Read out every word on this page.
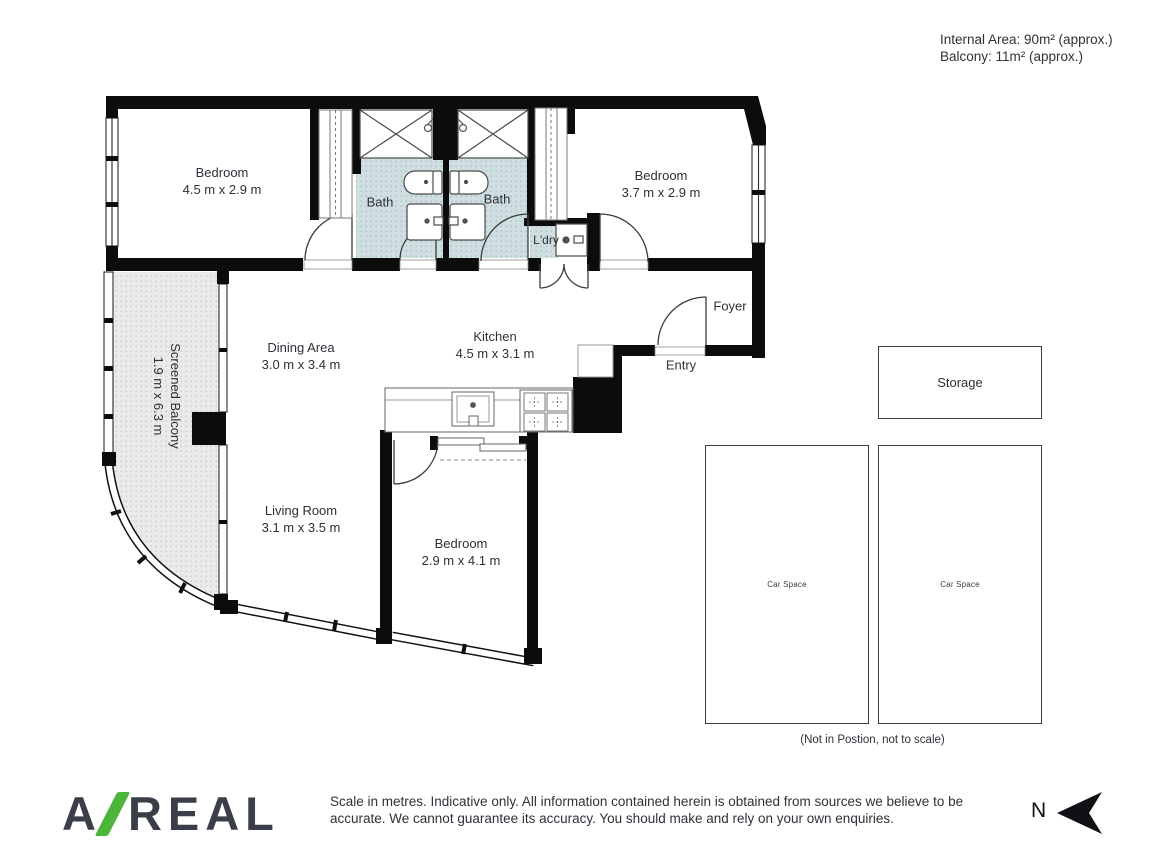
Internal Area: 90m² (approx.)
Balcony: 11m² (approx.)
Bedroom
4.5 m x 2.9 m
Bath	Bath
L'dry
Bedroom
3.7 m x 2.9 m
Foyer
Entry
Dining Area
3.0 m x 3.4 m
Kitchen
4.5 m x 3.1 m
Screened Balcony
1.9 m x 6.3 m
Living Room
3.1 m x 3.5 m
Bedroom
2.9 m x 4.1 m
Storage
Car Space	Car Space
(Not in Postion, not to scale)
A REAL	Scale in metres. Indicative only. All information contained herein is obtained from sources we believe to be accurate. We cannot guarantee its accuracy. You should make and rely on your own enquiries.	N
